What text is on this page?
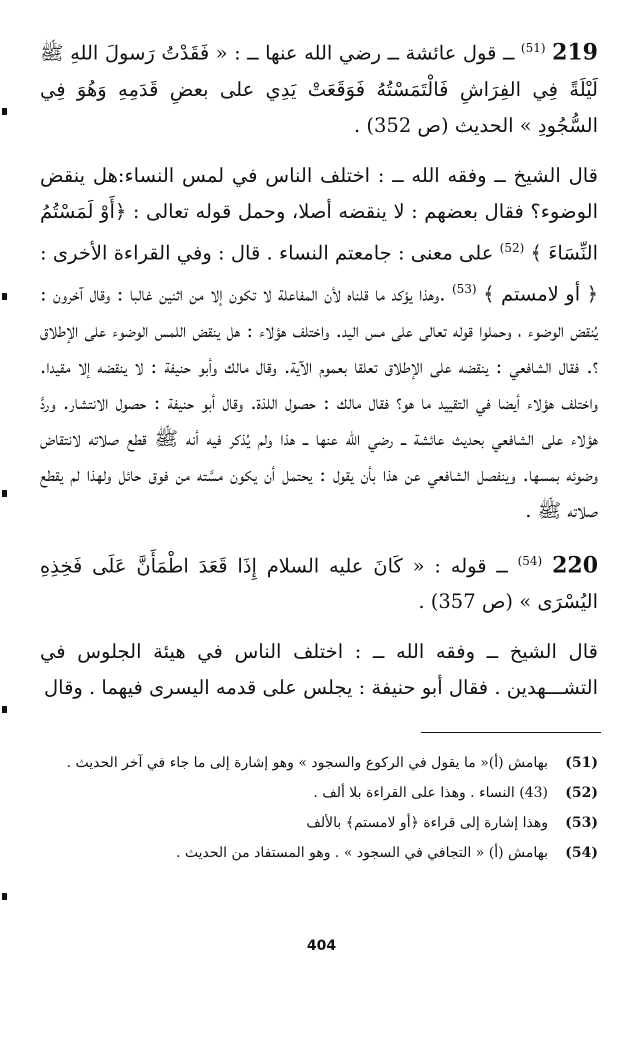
219 $^{(51)}$ ــ قول عائشة ــ رضي الله عنها ــ : « فَقَدْتُ رَسولَ اللهِ ﷺ لَيْلَةً فِي الفِرَاشِ فَالْتَمَسْتُهُ فَوَقَعَتْ يَدِي على بعضِ قَدَمِهِ وَهُوَ فِي السُّجُودِ » الحديث (ص 352) .

قال الشيخ ــ وفقه الله ــ : اختلف الناس في لمس النساء:هل ينقض الوضوء؟ فقال بعضهم : لا ينقضه أصلا، وحمل قوله تعالى : ﴿أَوْ لَمَسْتُمُ النِّسَاءَ ﴾ $^{(52)}$ على معنى : جامعتم النساء . قال : وفي القراءة الأخرى : ﴿ أو لامستم ﴾ $^{(53)}$ .وهذا يؤكد ما قلناه لأن المفاعلة لا تكون إلا من اثنين غالبا : وقال آخرون : يُنقض الوضوء ، وحملوا قوله تعالى على مس اليد. واختلف هؤلاء : هل ينقض اللمس الوضوء على الإطلاق ؟. فقال الشافعي : ينقضه على الإطلاق تعلقا بعموم الآية. وقال مالك وأبو حنيفة : لا ينقضه إلا مقيدا. واختلف هؤلاء أيضا في التقييد ما هو؟ فقال مالك : حصول اللذة. وقال أبو حنيفة : حصول الانتشار. وردَّ هؤلاء على الشافعي بحديث عائشة ــ رضي الله عنها ــ هذا ولم يُذكر فيه أنه ﷺ قطع صلاته لانتقاض وضوئه بمسها. وينفصل الشافعي عن هذا بأن يقول : يحتمل أن يكون مسَّته من فوق حائل ولهذا لم يقطع صلاته ﷺ .

220 $^{(54)}$ ــ قوله : « كَانَ عليه السلام إِذَا قَعَدَ اطْمَأَنَّ عَلَى فَخِذِهِ اليُسْرَى » (ص 357) .

قال الشيخ ــ وفقه الله ــ : اختلف الناس في هيئة الجلوس في التشـــهدين . فقال أبو حنيفة : يجلس على قدمه اليسرى فيهما . وقال

(51)
بهامش (أ)« ما يقول في الركوع والسجود » وهو إشارة إلى ما جاء في آخر الحديث .
(52)
(43) النساء . وهذا على القراءة بلا ألف .
(53)
وهذا إشارة إلى قراءة ﴿أو لامستم﴾ بالألف
(54)
بهامش (أ) « التجافي في السجود » . وهو المستفاد من الحديث .
404
